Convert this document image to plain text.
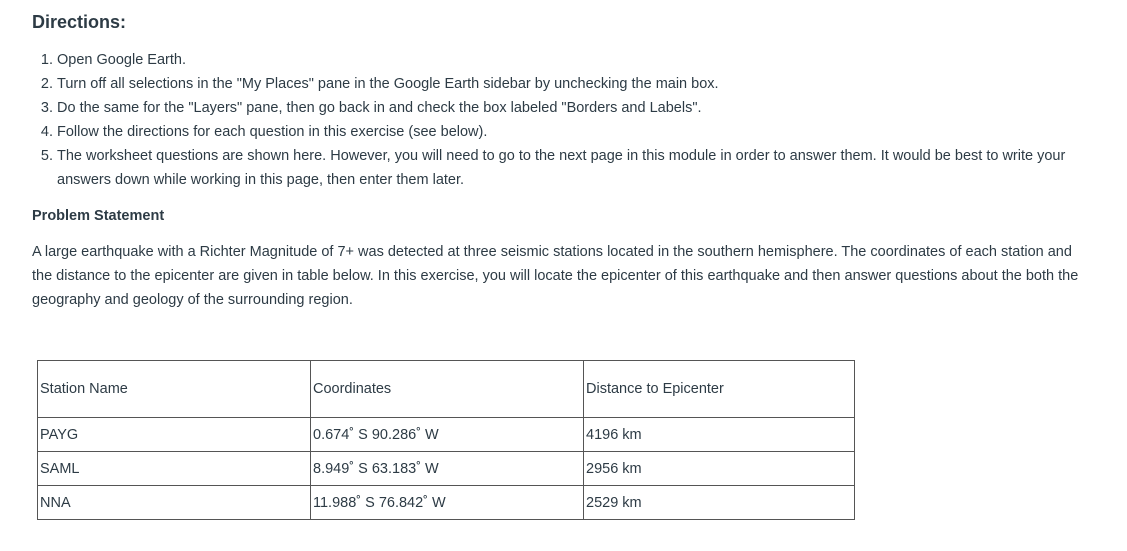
Directions:
1. Open Google Earth.
2. Turn off all selections in the "My Places" pane in the Google Earth sidebar by unchecking the main box.
3. Do the same for the "Layers" pane, then go back in and check the box labeled "Borders and Labels".
4. Follow the directions for each question in this exercise (see below).
5. The worksheet questions are shown here. However, you will need to go to the next page in this module in order to answer them. It would be best to write your answers down while working in this page, then enter them later.
Problem Statement

A large earthquake with a Richter Magnitude of 7+ was detected at three seismic stations located in the southern hemisphere. The coordinates of each station and the distance to the epicenter are given in table below. In this exercise, you will locate the epicenter of this earthquake and then answer questions about the both the geography and geology of the surrounding region.

Station Name	Coordinates	Distance to Epicenter
PAYG	0.674˚ S 90.286˚ W	4196 km
SAML	8.949˚ S 63.183˚ W	2956 km
NNA	11.988˚ S 76.842˚ W	2529 km
